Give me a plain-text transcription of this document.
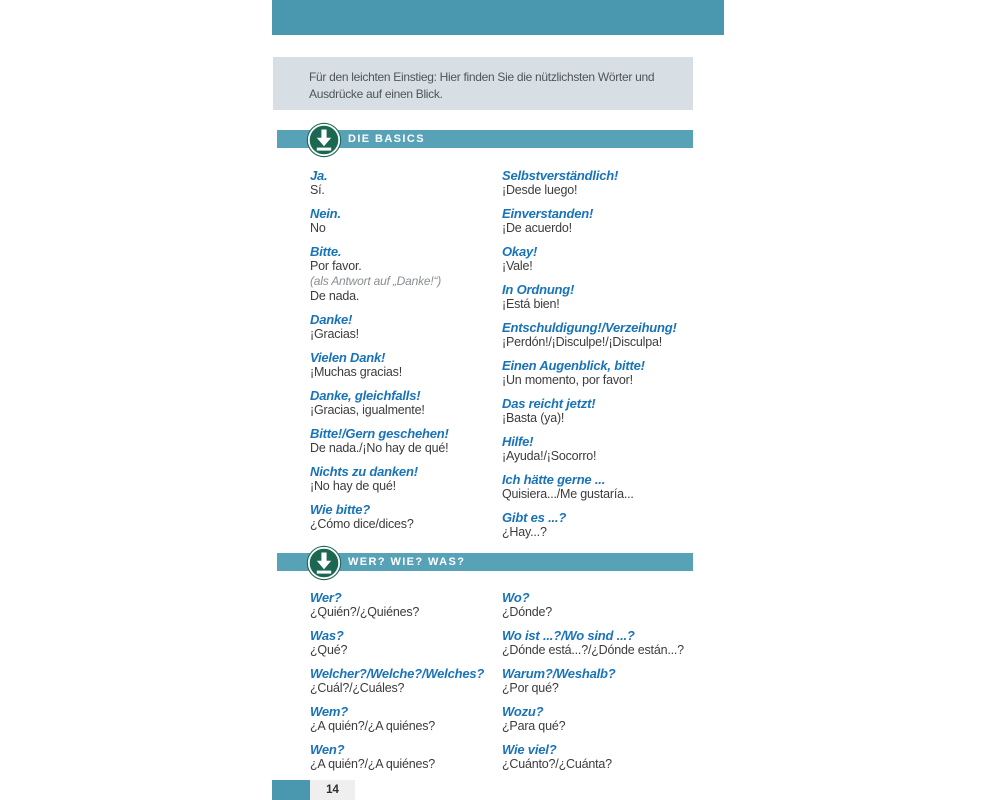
Für den leichten Einstieg: Hier finden Sie die nützlichsten Wörter und
Ausdrücke auf einen Blick.
DIE BASICS
Ja.
Sí.
Nein.
No
Bitte.
Por favor.
(als Antwort auf „Danke!“)
De nada.
Danke!
¡Gracias!
Vielen Dank!
¡Muchas gracias!
Danke, gleichfalls!
¡Gracias, igualmente!
Bitte!/Gern geschehen!
De nada./¡No hay de qué!
Nichts zu danken!
¡No hay de qué!
Wie bitte?
¿Cómo dice/dices?
Selbstverständlich!
¡Desde luego!
Einverstanden!
¡De acuerdo!
Okay!
¡Vale!
In Ordnung!
¡Está bien!
Entschuldigung!/Verzeihung!
¡Perdón!/¡Disculpe!/¡Disculpa!
Einen Augenblick, bitte!
¡Un momento, por favor!
Das reicht jetzt!
¡Basta (ya)!
Hilfe!
¡Ayuda!/¡Socorro!
Ich hätte gerne ...
Quisiera.../Me gustaría...
Gibt es ...?
¿Hay...?
WER? WIE? WAS?
Wer?
¿Quién?/¿Quiénes?
Was?
¿Qué?
Welcher?/Welche?/Welches?
¿Cuál?/¿Cuáles?
Wem?
¿A quién?/¿A quiénes?
Wen?
¿A quién?/¿A quiénes?
Wo?
¿Dónde?
Wo ist ...?/Wo sind ...?
¿Dónde está...?/¿Dónde están...?
Warum?/Weshalb?
¿Por qué?
Wozu?
¿Para qué?
Wie viel?
¿Cuánto?/¿Cuánta?
14
